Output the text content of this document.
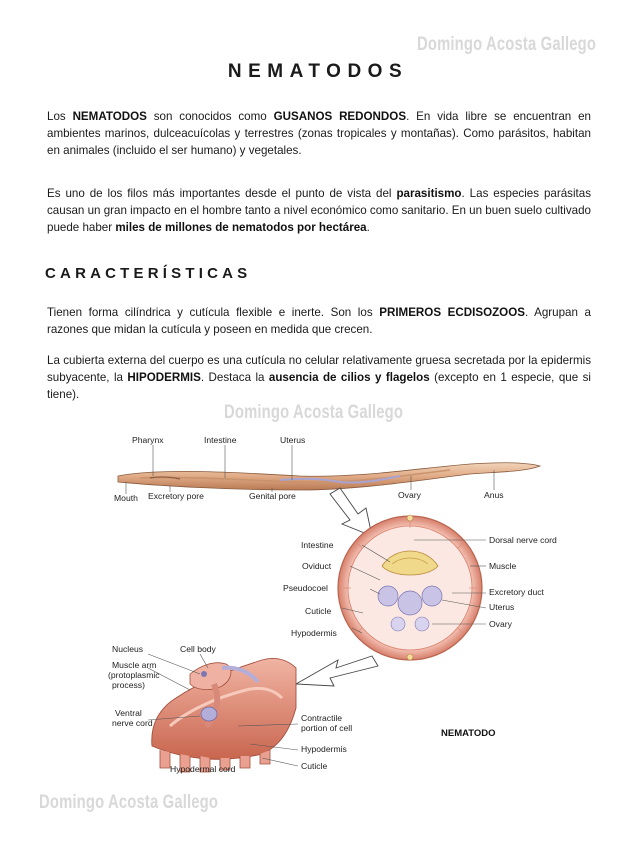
Domingo Acosta Gallego
Domingo Acosta Gallego
Domingo Acosta Gallego
NEMATODOS

Los NEMATODOS son conocidos como GUSANOS REDONDOS. En vida libre se encuentran en ambientes marinos, dulceacuícolas y terrestres (zonas tropicales y montañas). Como parásitos, habitan en animales (incluido el ser humano) y vegetales.

Es uno de los filos más importantes desde el punto de vista del parasitismo. Las especies parásitas causan un gran impacto en el hombre tanto a nivel económico como sanitario. En un buen suelo cultivado puede haber miles de millones de nematodos por hectárea.

CARACTERÍSTICAS

Tienen forma cilíndrica y cutícula flexible e inerte. Son los PRIMEROS ECDISOZOOS. Agrupan a razones que midan la cutícula y poseen en medida que crecen.

La cubierta externa del cuerpo es una cutícula no celular relativamente gruesa secretada por la epidermis subyacente, la HIPODERMIS. Destaca la ausencia de cilios y flagelos (excepto en 1 especie, que si tiene).

Pharynx	Intestine	Uterus
Mouth Excretory pore	Genital pore	Ovary	Anus
Intestine
Oviduct
Pseudocoel
Cuticle
Hypodermis
Dorsal nerve cord
Muscle
Excretory duct
Uterus
Ovary
Nucleus	Cell body
Muscle arm
(protoplasmic
process)
Ventral
nerve cord	Contractile
portion of cell
Hypodermis
Hypodermal cord	Cuticle
NEMATODO
